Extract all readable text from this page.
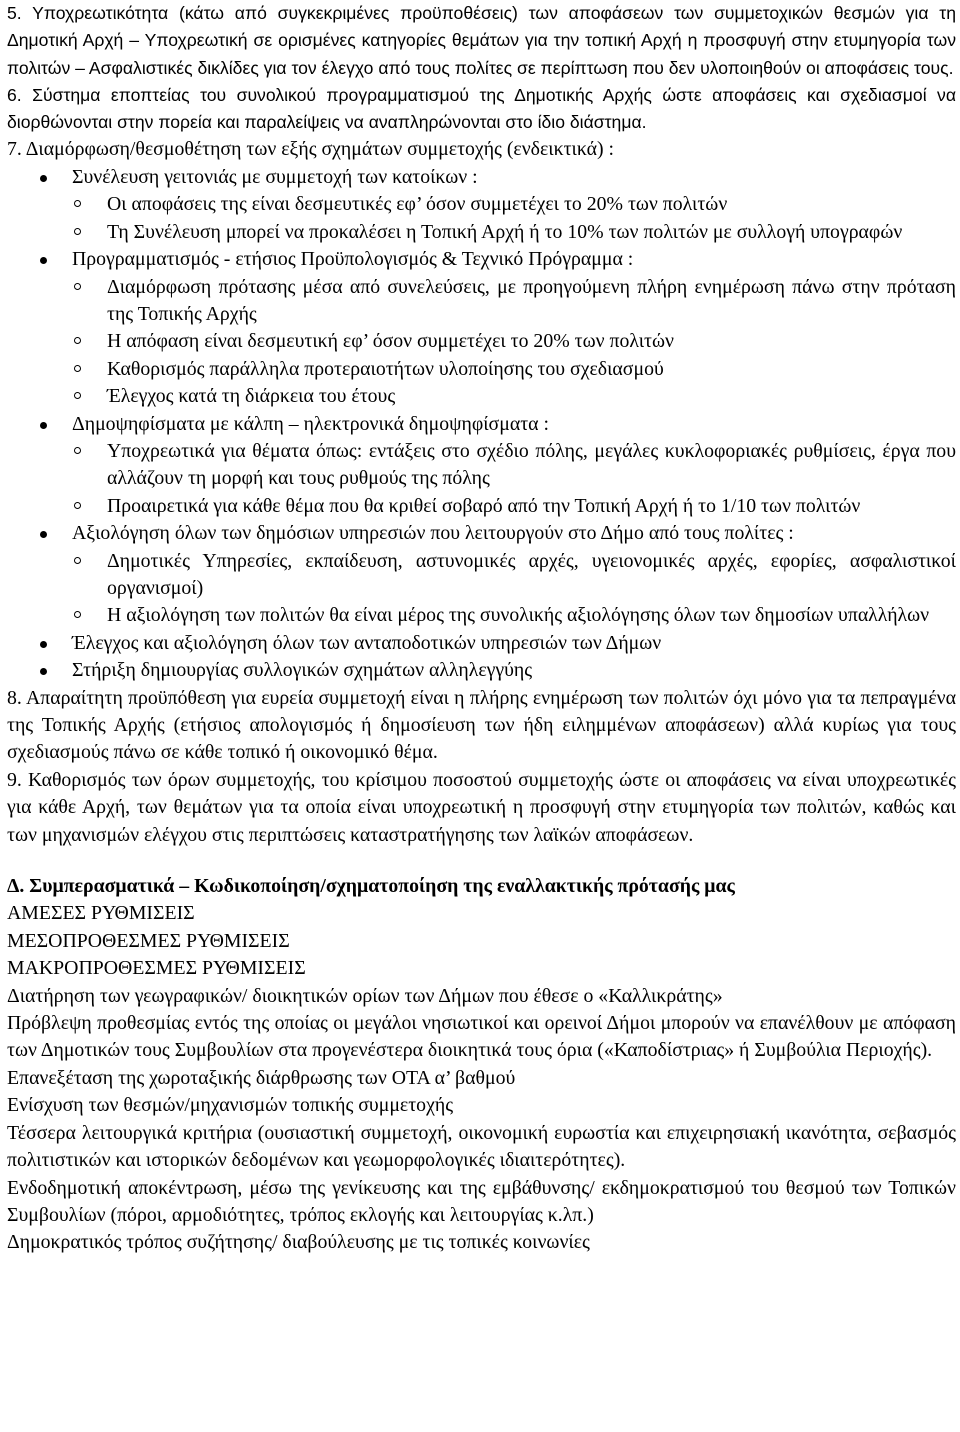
5. Υποχρεωτικότητα (κάτω από συγκεκριμένες προϋποθέσεις) των αποφάσεων των συμμετοχικών θεσμών για τη Δημοτική Αρχή – Υποχρεωτική σε ορισμένες κατηγορίες θεμάτων για την τοπική Αρχή η προσφυγή στην ετυμηγορία των πολιτών – Ασφαλιστικές δικλίδες για τον έλεγχο από τους πολίτες σε περίπτωση που δεν υλοποιηθούν οι αποφάσεις τους.

6. Σύστημα εποπτείας του συνολικού προγραμματισμού της Δημοτικής Αρχής ώστε αποφάσεις και σχεδιασμοί να διορθώνονται στην πορεία και παραλείψεις να αναπληρώνονται στο ίδιο διάστημα.

7. Διαμόρφωση/θεσμοθέτηση των εξής σχημάτων συμμετοχής (ενδεικτικά) :

Συνέλευση γειτονιάς με συμμετοχή των κατοίκων :
Οι αποφάσεις της είναι δεσμευτικές εφ’ όσον συμμετέχει το 20% των πολιτών
Τη Συνέλευση μπορεί να προκαλέσει η Τοπική Αρχή ή το 10% των πολιτών με συλλογή υπογραφών
Προγραμματισμός - ετήσιος Προϋπολογισμός & Τεχνικό Πρόγραμμα :
Διαμόρφωση πρότασης μέσα από συνελεύσεις, με προηγούμενη πλήρη ενημέρωση πάνω στην πρόταση της Τοπικής Αρχής
Η απόφαση είναι δεσμευτική εφ’ όσον συμμετέχει το 20% των πολιτών
Καθορισμός παράλληλα προτεραιοτήτων υλοποίησης του σχεδιασμού
Έλεγχος κατά τη διάρκεια του έτους
Δημοψηφίσματα με κάλπη – ηλεκτρονικά δημοψηφίσματα :
Υποχρεωτικά για θέματα όπως: εντάξεις στο σχέδιο πόλης, μεγάλες κυκλοφοριακές ρυθμίσεις, έργα που αλλάζουν τη μορφή και τους ρυθμούς της πόλης
Προαιρετικά για κάθε θέμα που θα κριθεί σοβαρό από την Τοπική Αρχή ή το 1/10 των πολιτών
Αξιολόγηση όλων των δημόσιων υπηρεσιών που λειτουργούν στο Δήμο από τους πολίτες :
Δημοτικές Υπηρεσίες, εκπαίδευση, αστυνομικές αρχές, υγειονομικές αρχές, εφορίες, ασφαλιστικοί οργανισμοί)
Η αξιολόγηση των πολιτών θα είναι μέρος της συνολικής αξιολόγησης όλων των δημοσίων υπαλλήλων
Έλεγχος και αξιολόγηση όλων των ανταποδοτικών υπηρεσιών των Δήμων
Στήριξη δημιουργίας συλλογικών σχημάτων αλληλεγγύης

8. Απαραίτητη προϋπόθεση για ευρεία συμμετοχή είναι η πλήρης ενημέρωση των πολιτών όχι μόνο για τα πεπραγμένα της Τοπικής Αρχής (ετήσιος απολογισμός ή δημοσίευση των ήδη ειλημμένων αποφάσεων) αλλά κυρίως για τους σχεδιασμούς πάνω σε κάθε τοπικό ή οικονομικό θέμα.

9. Καθορισμός των όρων συμμετοχής, του κρίσιμου ποσοστού συμμετοχής ώστε οι αποφάσεις να είναι υποχρεωτικές για κάθε Αρχή, των θεμάτων για τα οποία είναι υποχρεωτική η προσφυγή στην ετυμηγορία των πολιτών, καθώς και των μηχανισμών ελέγχου στις περιπτώσεις καταστρατήγησης των λαϊκών αποφάσεων.

Δ. Συμπερασματικά – Κωδικοποίηση/σχηματοποίηση της εναλλακτικής πρότασής μας

ΑΜΕΣΕΣ ΡΥΘΜΙΣΕΙΣ

ΜΕΣΟΠΡΟΘΕΣΜΕΣ ΡΥΘΜΙΣΕΙΣ

ΜΑΚΡΟΠΡΟΘΕΣΜΕΣ ΡΥΘΜΙΣΕΙΣ

Διατήρηση των γεωγραφικών/ διοικητικών ορίων των Δήμων που έθεσε ο «Καλλικράτης»

Πρόβλεψη προθεσμίας εντός της οποίας οι μεγάλοι νησιωτικοί και ορεινοί Δήμοι μπορούν να επανέλθουν με απόφαση των Δημοτικών τους Συμβουλίων στα προγενέστερα διοικητικά τους όρια («Καποδίστριας» ή Συμβούλια Περιοχής).

Επανεξέταση της χωροταξικής διάρθρωσης των ΟΤΑ α’ βαθμού

Ενίσχυση των θεσμών/μηχανισμών τοπικής συμμετοχής

Τέσσερα λειτουργικά κριτήρια (ουσιαστική συμμετοχή, οικονομική ευρωστία και επιχειρησιακή ικανότητα, σεβασμός πολιτιστικών και ιστορικών δεδομένων και γεωμορφολογικές ιδιαιτερότητες).

Ενδοδημοτική αποκέντρωση, μέσω της γενίκευσης και της εμβάθυνσης/ εκδημοκρατισμού του θεσμού των Τοπικών Συμβουλίων (πόροι, αρμοδιότητες, τρόπος εκλογής και λειτουργίας κ.λπ.)

Δημοκρατικός τρόπος συζήτησης/ διαβούλευσης με τις τοπικές κοινωνίες
